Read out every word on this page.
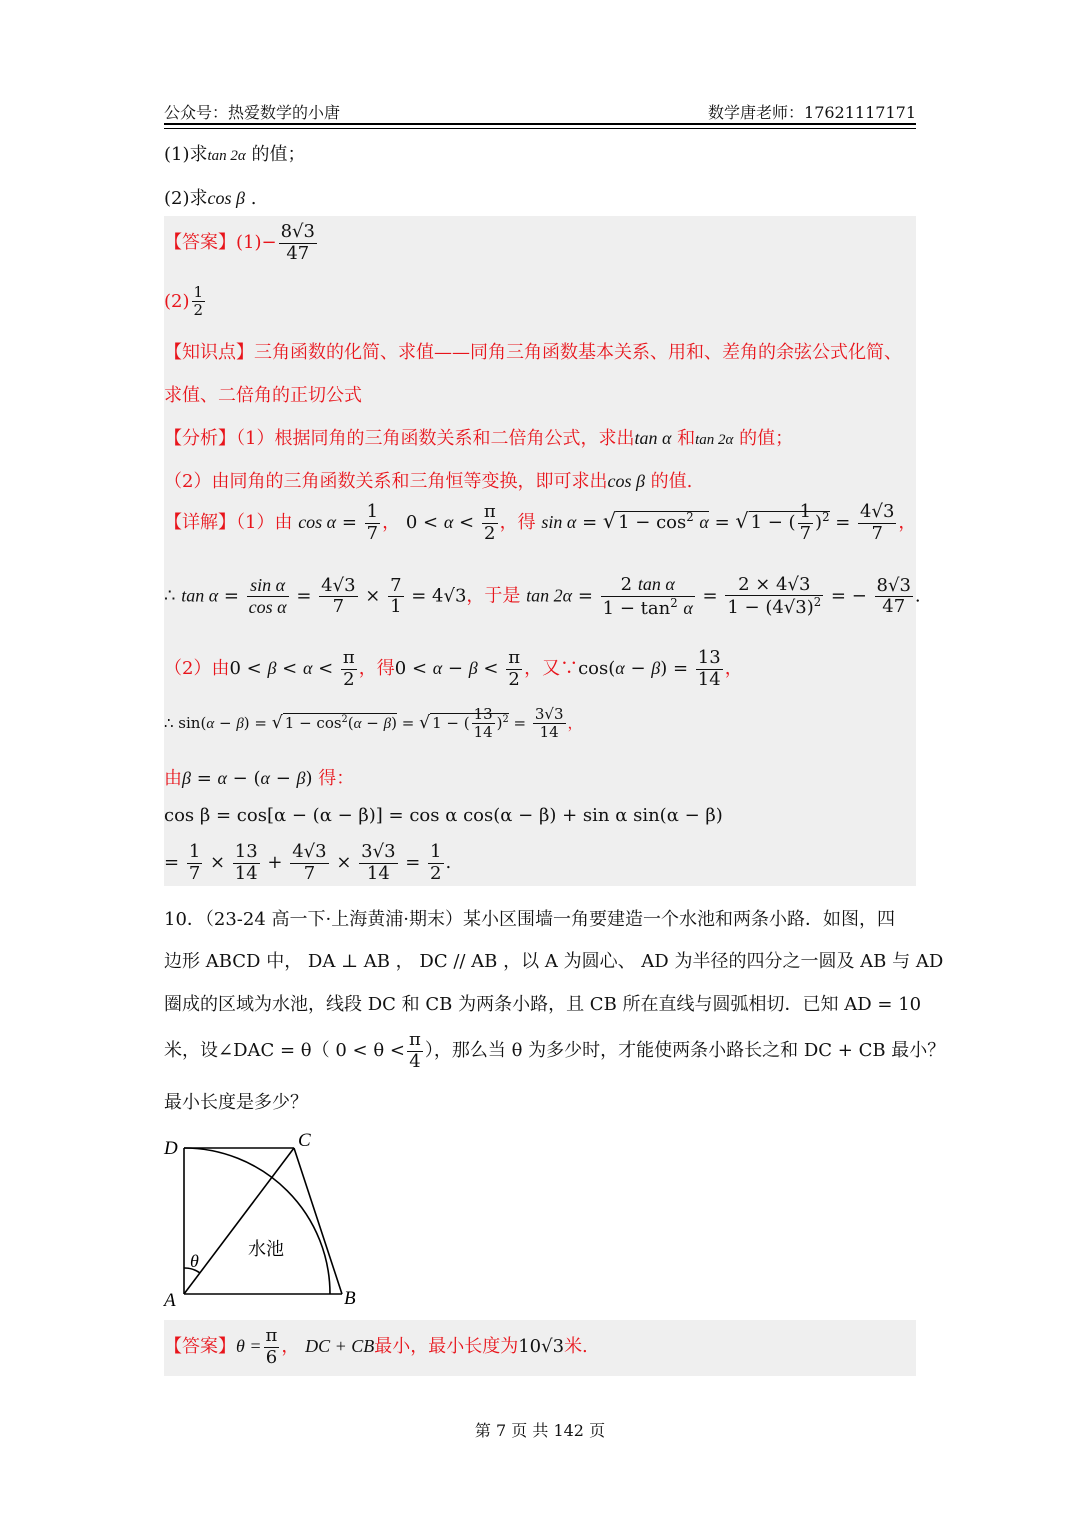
公众号：热爱数学的小唐	数学唐老师：17621117171
(1)求tan 2α 的值；
(2)求cos β .
【答案】$(1)- \frac{8√3}{47}$
$(2) \frac{1}{2}$
【知识点】三角函数的化简、求值——同角三角函数基本关系、用和、差角的余弦公式化简、
求值、二倍角的正切公式
【分析】（1）根据同角的三角函数关系和二倍角公式，求出tan α 和tan 2α 的值；
（2）由同角的三角函数关系和三角恒等变换，即可求出cos β 的值.
【详解】（1）由 $\cos \alpha = \frac{1}{7}$ ， $0 < \alpha < \frac{\pi}{2}$ ，得 sin α = √ $1 - \cos^2 \alpha$ = √ 1 − ( $\frac{1}{7} )^2 = \frac{4√3}{7}$ ，
∴ $\tan \alpha = \frac{\text{sin α}}{\text{cos α}} = \frac{4√3}{7} \times \frac{7}{1} = 4√3$，于是 $\tan 2\alpha = \frac{\text{2 tan α}}{1 - \tan^2 \alpha} = \frac{2 \times 4√3}{1 - (4√3)^2}$ = − $\frac{8√3}{47}$ .
（2）由$0 < \beta < \alpha < \frac{\pi}{2}$ ，得$0 < \alpha - \beta < \frac{\pi}{2}$ ，又∵cos(α − $\beta) = \frac{13}{14}$ ，
∴ sin(α − β) = √ $1 - \cos^2(\alpha - \beta)$ = √ 1 − ( $\frac{13}{14} )^2 = \frac{3√3}{14}$ ，
由β = α − (α − β) 得：
cos β = cos[α − (α − β)] = cos α cos(α − β) + sin α sin(α − β)
= $\frac{1}{7} \times \frac{13}{14} + \frac{4√3}{7} \times \frac{3√3}{14} = \frac{1}{2}$ .
10．（23-24 高一下·上海黄浦·期末）某小区围墙一角要建造一个水池和两条小路．如图，四
边形 ABCD 中， DA ⊥ AB ， DC // AB ，以 A 为圆心、 AD 为半径的四分之一圆及 AB 与 AD
圈成的区域为水池，线段 DC 和 CB 为两条小路，且 CB 所在直线与圆弧相切．已知 AD = 10
米，设∠DAC = θ（ $0 < \theta < \frac{\pi}{4}$ ），那么当 θ 为多少时，才能使两条小路长之和 DC + CB 最小？
最小长度是多少？
D	C
A	B
θ
水池
【答案】$\theta = \frac{\pi}{6}$ ， DC + CB最小，最小长度为10√3米.
第 7 页 共 142 页
